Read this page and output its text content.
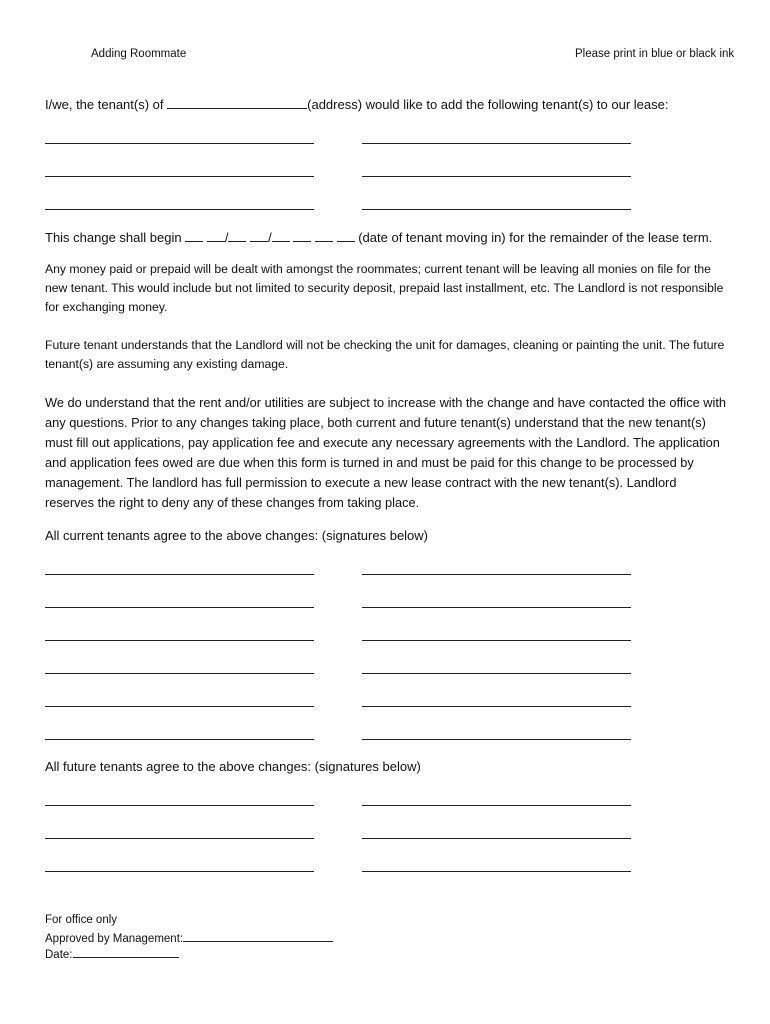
Adding Roommate	Please print in blue or black ink
I/we, the tenant(s) of	(address) would like to add the following tenant(s) to our lease:
This change shall begin	/	/	(date of tenant moving in) for the remainder of the lease term.
Any money paid or prepaid will be dealt with amongst the roommates; current tenant will be leaving all monies on file for the new tenant. This would include but not limited to security deposit, prepaid last installment, etc. The Landlord is not responsible for exchanging money.
Future tenant understands that the Landlord will not be checking the unit for damages, cleaning or painting the unit. The future tenant(s) are assuming any existing damage.
We do understand that the rent and/or utilities are subject to increase with the change and have contacted the office with any questions. Prior to any changes taking place, both current and future tenant(s) understand that the new tenant(s) must fill out applications, pay application fee and execute any necessary agreements with the Landlord. The application and application fees owed are due when this form is turned in and must be paid for this change to be processed by management. The landlord has full permission to execute a new lease contract with the new tenant(s). Landlord reserves the right to deny any of these changes from taking place.
All current tenants agree to the above changes: (signatures below)
All future tenants agree to the above changes: (signatures below)
For office only
Approved by Management:
Date:
